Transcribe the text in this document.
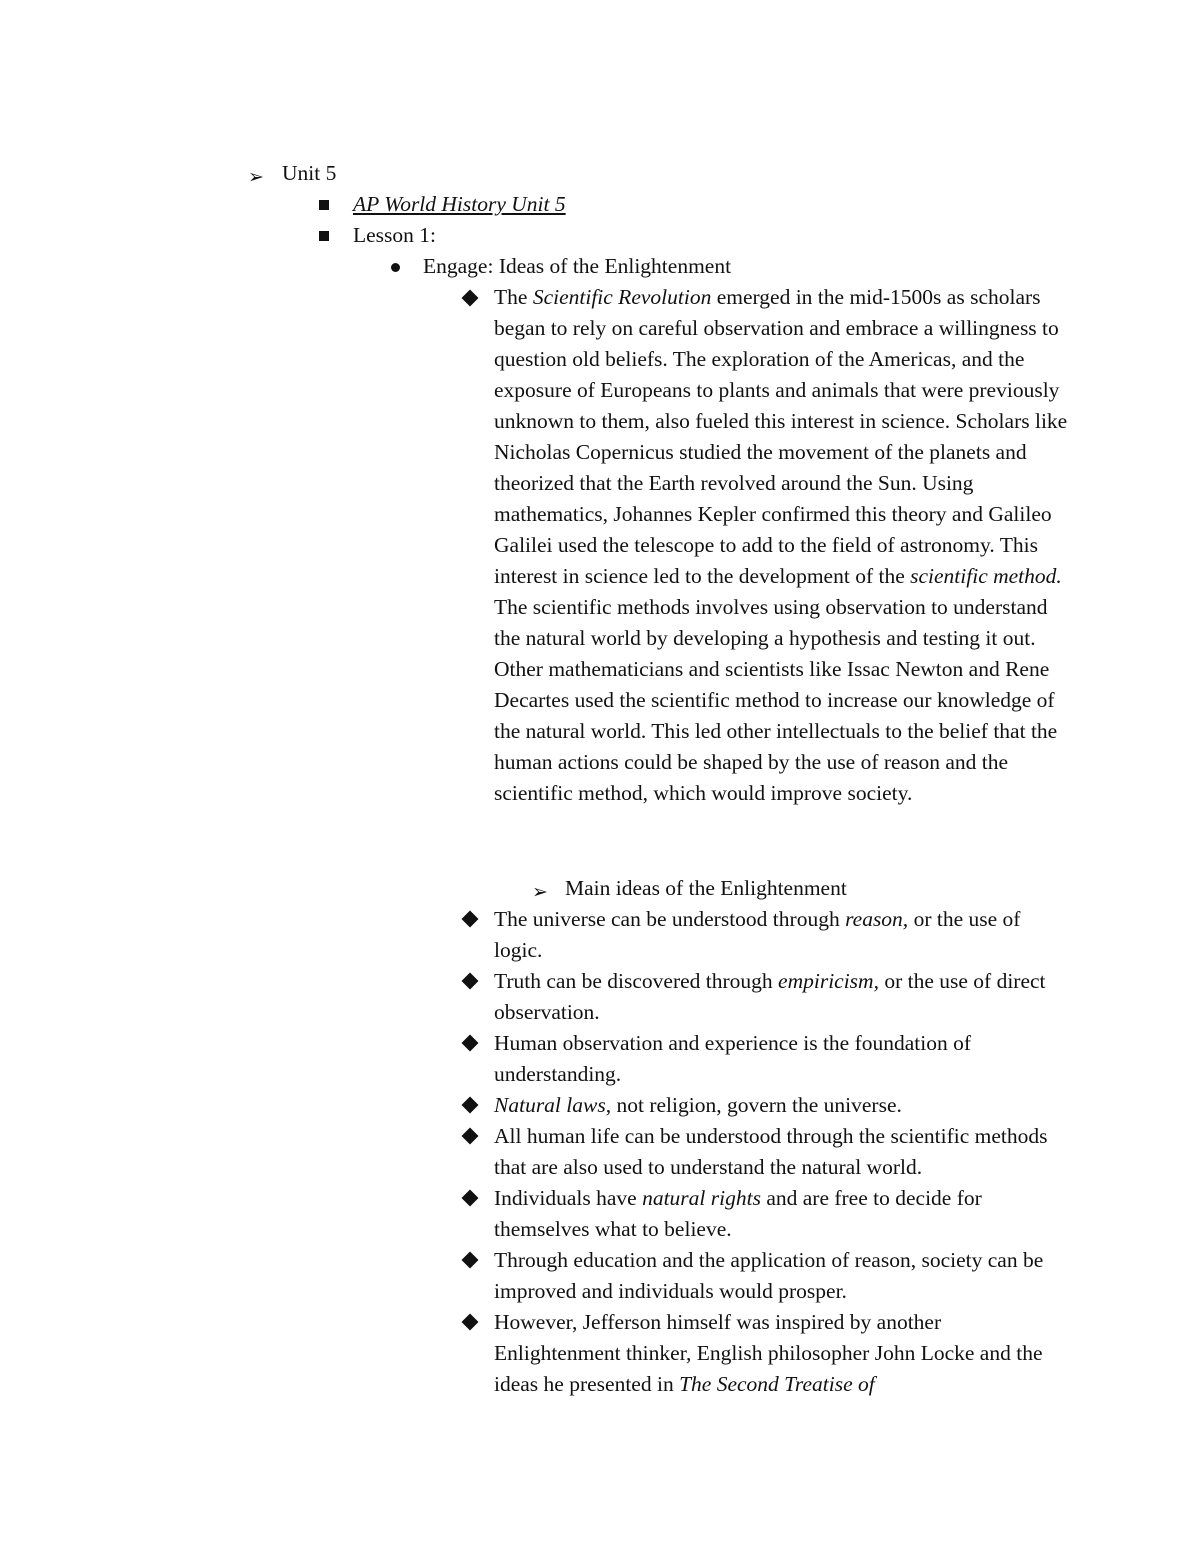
➢ Unit 5
AP World History Unit 5
Lesson 1:
Engage: Ideas of the Enlightenment
The Scientific Revolution emerged in the mid-1500s as scholars began to rely on careful observation and embrace a willingness to question old beliefs. The exploration of the Americas, and the exposure of Europeans to plants and animals that were previously unknown to them, also fueled this interest in science. Scholars like Nicholas Copernicus studied the movement of the planets and theorized that the Earth revolved around the Sun. Using mathematics, Johannes Kepler confirmed this theory and Galileo Galilei used the telescope to add to the field of astronomy. This interest in science led to the development of the scientific method. The scientific methods involves using observation to understand the natural world by developing a hypothesis and testing it out. Other mathematicians and scientists like Issac Newton and Rene Decartes used the scientific method to increase our knowledge of the natural world. This led other intellectuals to the belief that the human actions could be shaped by the use of reason and the scientific method, which would improve society.
➢ Main ideas of the Enlightenment
The universe can be understood through reason, or the use of logic.
Truth can be discovered through empiricism, or the use of direct observation.
Human observation and experience is the foundation of understanding.
Natural laws, not religion, govern the universe.
All human life can be understood through the scientific methods that are also used to understand the natural world.
Individuals have natural rights and are free to decide for themselves what to believe.
Through education and the application of reason, society can be improved and individuals would prosper.
However, Jefferson himself was inspired by another Enlightenment thinker, English philosopher John Locke and the ideas he presented in The Second Treatise of
